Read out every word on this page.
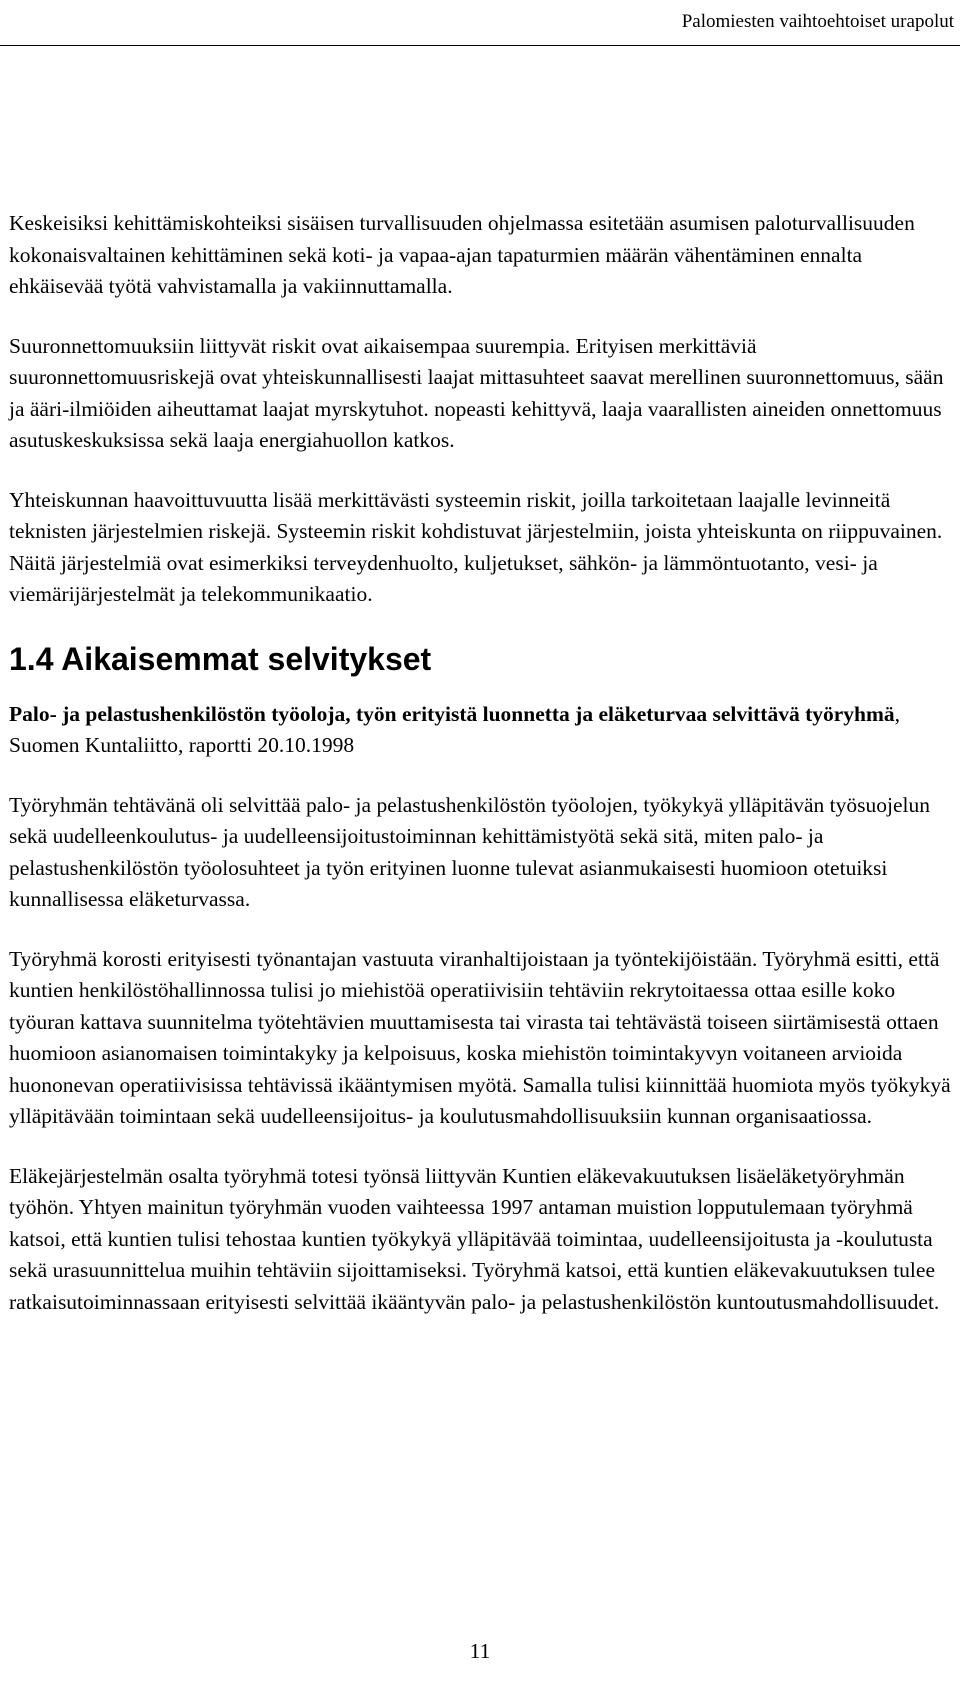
Palomiesten vaihtoehtoiset urapolut

Keskeisiksi kehittämiskohteiksi sisäisen turvallisuuden ohjelmassa esitetään asumisen paloturvallisuuden kokonaisvaltainen kehittäminen sekä koti- ja vapaa-ajan tapaturmien määrän vähentäminen ennalta ehkäisevää työtä vahvistamalla ja vakiinnuttamalla.

Suuronnettomuuksiin liittyvät riskit ovat aikaisempaa suurempia. Erityisen merkittäviä suuronnettomuusriskejä ovat yhteiskunnallisesti laajat mittasuhteet saavat merellinen suuronnettomuus, sään ja ääri-ilmiöiden aiheuttamat laajat myrskytuhot. nopeasti kehittyvä, laaja vaarallisten aineiden onnettomuus asutuskeskuksissa sekä laaja energiahuollon katkos.

Yhteiskunnan haavoittuvuutta lisää merkittävästi systeemin riskit, joilla tarkoitetaan laajalle levinneitä teknisten järjestelmien riskejä. Systeemin riskit kohdistuvat järjestelmiin, joista yhteiskunta on riippuvainen. Näitä järjestelmiä ovat esimerkiksi terveydenhuolto, kuljetukset, sähkön- ja lämmöntuotanto, vesi- ja viemärijärjestelmät ja telekommunikaatio.

1.4 Aikaisemmat selvitykset

Palo- ja pelastushenkilöstön työoloja, työn erityistä luonnetta ja eläketurvaa selvittävä työryhmä, Suomen Kuntaliitto, raportti 20.10.1998

Työryhmän tehtävänä oli selvittää palo- ja pelastushenkilöstön työolojen, työkykyä ylläpitävän työsuojelun sekä uudelleenkoulutus- ja uudelleensijoitustoiminnan kehittämistyötä sekä sitä, miten palo- ja pelastushenkilöstön työolosuhteet ja työn erityinen luonne tulevat asianmukaisesti huomioon otetuiksi kunnallisessa eläketurvassa.

Työryhmä korosti erityisesti työnantajan vastuuta viranhaltijoistaan ja työntekijöistään. Työryhmä esitti, että kuntien henkilöstöhallinnossa tulisi jo miehistöä operatiivisiin tehtäviin rekrytoitaessa ottaa esille koko työuran kattava suunnitelma työtehtävien muuttamisesta tai virasta tai tehtävästä toiseen siirtämisestä ottaen huomioon asianomaisen toimintakyky ja kelpoisuus, koska miehistön toimintakyvyn voitaneen arvioida huononevan operatiivisissa tehtävissä ikääntymisen myötä. Samalla tulisi kiinnittää huomiota myös työkykyä ylläpitävään toimintaan sekä uudelleensijoitus- ja koulutusmahdollisuuksiin kunnan organisaatiossa.

Eläkejärjestelmän osalta työryhmä totesi työnsä liittyvän Kuntien eläkevakuutuksen lisäeläketyöryhmän työhön. Yhtyen mainitun työryhmän vuoden vaihteessa 1997 antaman muistion lopputulemaan työryhmä katsoi, että kuntien tulisi tehostaa kuntien työkykyä ylläpitävää toimintaa, uudelleensijoitusta ja -koulutusta sekä urasuunnittelua muihin tehtäviin sijoittamiseksi. Työryhmä katsoi, että kuntien eläkevakuutuksen tulee ratkaisutoiminnassaan erityisesti selvittää ikääntyvän palo- ja pelastushenkilöstön kuntoutusmahdollisuudet.

11
